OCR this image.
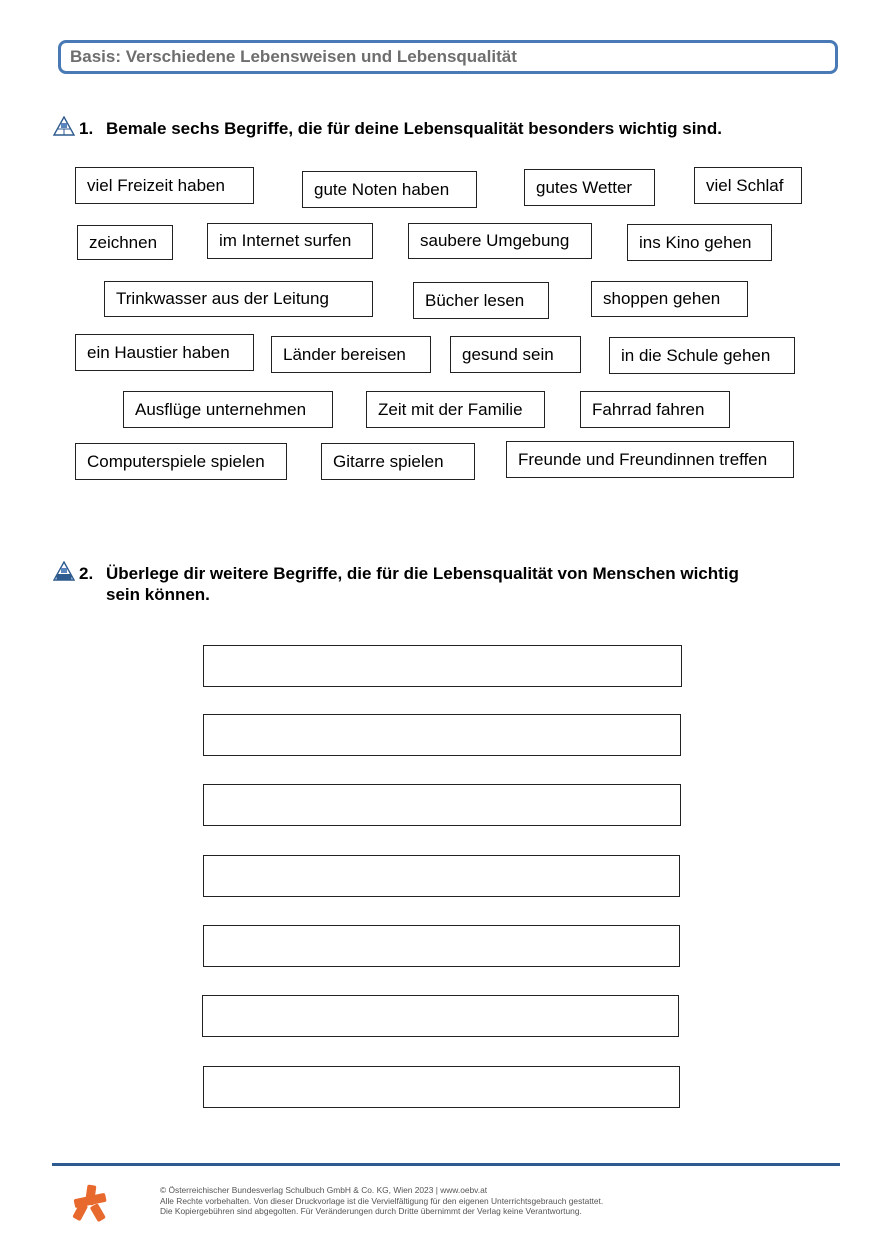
Basis: Verschiedene Lebensweisen und Lebensqualität
1. Bemale sechs Begriffe, die für deine Lebensqualität besonders wichtig sind.
viel Freizeit haben	gute Noten haben	gutes Wetter	viel Schlaf
zeichnen	im Internet surfen	saubere Umgebung	ins Kino gehen
Trinkwasser aus der Leitung	Bücher lesen	shoppen gehen
ein Haustier haben	Länder bereisen	gesund sein	in die Schule gehen
Ausflüge unternehmen	Zeit mit der Familie	Fahrrad fahren
Computerspiele spielen	Gitarre spielen	Freunde und Freundinnen treffen
2. Überlege dir weitere Begriffe, die für die Lebensqualität von Menschen wichtig
sein können.
© Österreichischer Bundesverlag Schulbuch GmbH & Co. KG, Wien 2023 | www.oebv.at
Alle Rechte vorbehalten. Von dieser Druckvorlage ist die Vervielfältigung für den eigenen Unterrichtsgebrauch gestattet.
Die Kopiergebühren sind abgegolten. Für Veränderungen durch Dritte übernimmt der Verlag keine Verantwortung.
